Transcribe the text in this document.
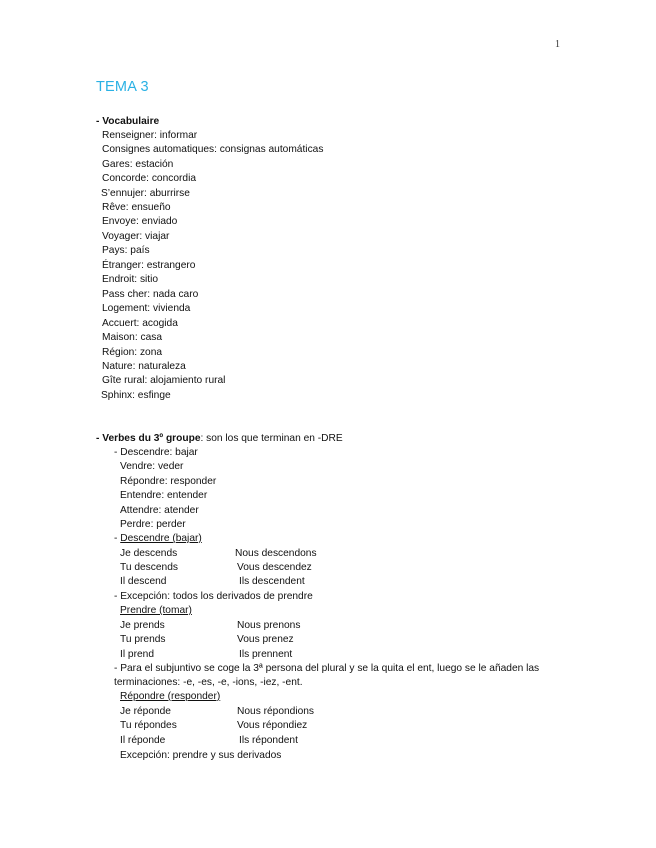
1
TEMA 3
- Vocabulaire
Renseigner: informar
Consignes automatiques: consignas automáticas
Gares: estación
Concorde: concordia
S’ennujer: aburrirse
Rêve: ensueño
Envoye: enviado
Voyager: viajar
Pays: país
Étranger: estrangero
Endroit: sitio
Pass cher: nada caro
Logement: vivienda
Accuert: acogida
Maison: casa
Région: zona
Nature: naturaleza
Gîte rural: alojamiento rural
Sphinx: esfinge
- Verbes du 3º groupe: son los que terminan en -DRE
- Descendre: bajar
Vendre: veder
Répondre: responder
Entendre: entender
Attendre: atender
Perdre: perder
- Descendre (bajar)
Je descends	Nous descendons
Tu descends	Vous descendez
Il descend	Ils descendent
- Excepción: todos los derivados de prendre
Prendre (tomar)
Je prends	Nous prenons
Tu prends	Vous prenez
Il prend	Ils prennent
- Para el subjuntivo se coge la 3ª persona del plural y se la quita el ent, luego se le añaden las
terminaciones: -e, -es, -e, -ions, -iez, -ent.
Répondre (responder)
Je réponde	Nous répondions
Tu répondes	Vous répondiez
Il réponde	Ils répondent
Excepción: prendre y sus derivados
